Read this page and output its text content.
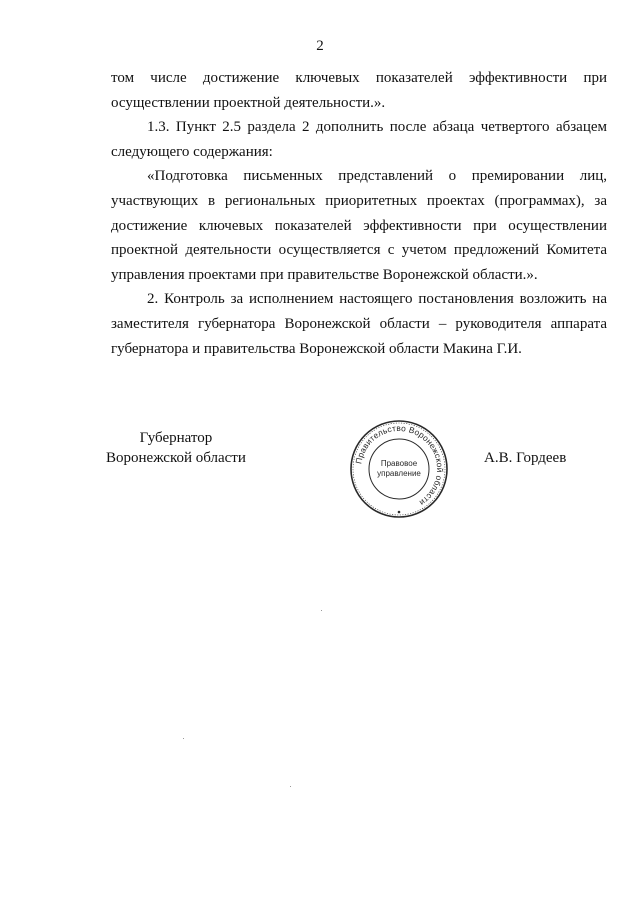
2

том числе достижение ключевых показателей эффективности при осуществлении проектной деятельности.».

1.3. Пункт 2.5 раздела 2 дополнить после абзаца четвертого абзацем следующего содержания:

«Подготовка письменных представлений о премировании лиц, участвующих в региональных приоритетных проектах (программах), за достижение ключевых показателей эффективности при осуществлении проектной деятельности осуществляется с учетом предложений Комитета управления проектами при правительстве Воронежской области.».

2. Контроль за исполнением настоящего постановления возложить на заместителя губернатора Воронежской области – руководителя аппарата губернатора и правительства Воронежской области Макина Г.И.

Губернатор
Воронежской области	Правительство Воронежской области
Правовое
управление
А.В. Гордеев
